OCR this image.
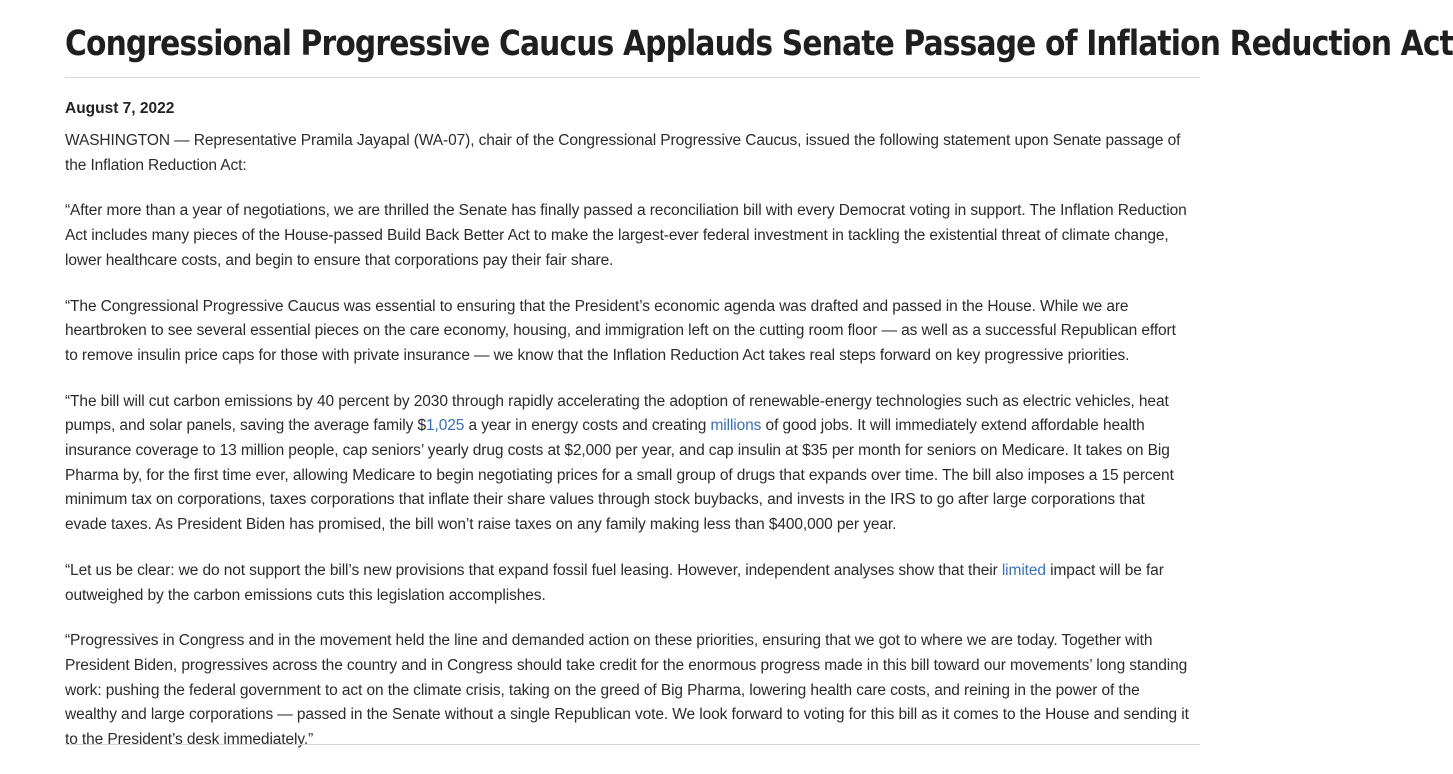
Congressional Progressive Caucus Applauds Senate Passage of Inflation Reduction Act
August 7, 2022

WASHINGTON — Representative Pramila Jayapal (WA-07), chair of the Congressional Progressive Caucus, issued the following statement upon Senate passage of the Inflation Reduction Act:

“After more than a year of negotiations, we are thrilled the Senate has finally passed a reconciliation bill with every Democrat voting in support. The Inflation Reduction Act includes many pieces of the House-passed Build Back Better Act to make the largest-ever federal investment in tackling the existential threat of climate change, lower healthcare costs, and begin to ensure that corporations pay their fair share.

“The Congressional Progressive Caucus was essential to ensuring that the President’s economic agenda was drafted and passed in the House. While we are heartbroken to see several essential pieces on the care economy, housing, and immigration left on the cutting room floor — as well as a successful Republican effort to remove insulin price caps for those with private insurance — we know that the Inflation Reduction Act takes real steps forward on key progressive priorities.

“The bill will cut carbon emissions by 40 percent by 2030 through rapidly accelerating the adoption of renewable-energy technologies such as electric vehicles, heat pumps, and solar panels, saving the average family $1,025 a year in energy costs and creating millions of good jobs. It will immediately extend affordable health insurance coverage to 13 million people, cap seniors’ yearly drug costs at $2,000 per year, and cap insulin at $35 per month for seniors on Medicare. It takes on Big Pharma by, for the first time ever, allowing Medicare to begin negotiating prices for a small group of drugs that expands over time. The bill also imposes a 15 percent minimum tax on corporations, taxes corporations that inflate their share values through stock buybacks, and invests in the IRS to go after large corporations that evade taxes. As President Biden has promised, the bill won’t raise taxes on any family making less than $400,000 per year.

“Let us be clear: we do not support the bill’s new provisions that expand fossil fuel leasing. However, independent analyses show that their limited impact will be far outweighed by the carbon emissions cuts this legislation accomplishes.

“Progressives in Congress and in the movement held the line and demanded action on these priorities, ensuring that we got to where we are today. Together with President Biden, progressives across the country and in Congress should take credit for the enormous progress made in this bill toward our movements’ long standing work: pushing the federal government to act on the climate crisis, taking on the greed of Big Pharma, lowering health care costs, and reining in the power of the wealthy and large corporations — passed in the Senate without a single Republican vote. We look forward to voting for this bill as it comes to the House and sending it to the President’s desk immediately.”
